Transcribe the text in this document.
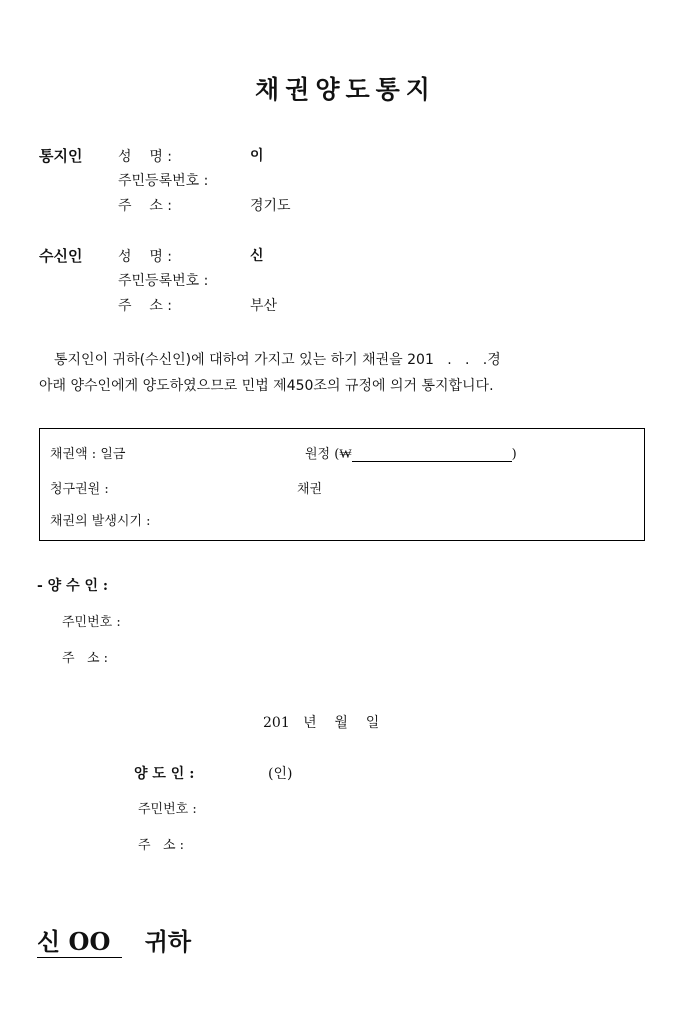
채권양도통지
통지인	성    명 :	이
주민등록번호 :
주    소 :	경기도
수신인	성    명 :	신
주민등록번호 :
주    소 :	부산
통지인이 귀하(수신인)에 대하여 가지고 있는 하기 채권을 201   .   .   .경
아래 양수인에게 양도하였으므로 민법 제450조의 규정에 의거 통지합니다.
채권액 : 일금	원정 (₩	)
청구권원 :	채권
채권의 발생시기 :
- 양 수 인 :
주민번호 :
주   소 :
201   년    월    일
양 도 인 :	(인)
주민번호 :
주   소 :
신 OO 귀하
